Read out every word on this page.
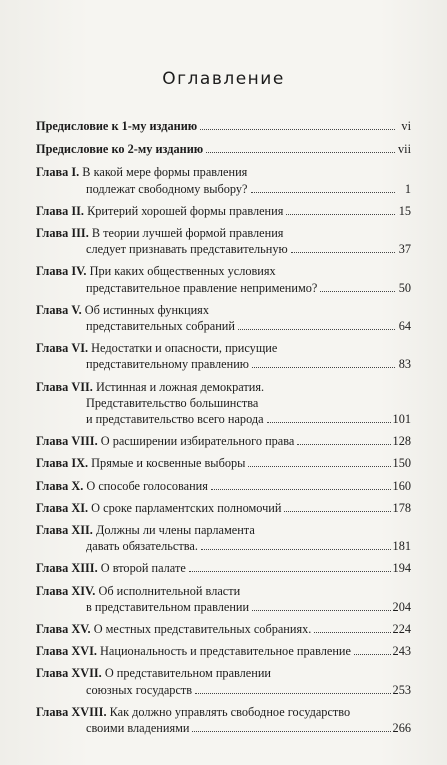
Оглавление
Предисловие к 1-му изданию	vi
Предисловие ко 2-му изданию	vii
Глава I. В какой мере формы правления
подлежат свободному выбору?	1
Глава II. Критерий хорошей формы правления	15
Глава III. В теории лучшей формой правления
следует признавать представительную	37
Глава IV. При каких общественных условиях
представительное правление неприменимо?	50
Глава V. Об истинных функциях
представительных собраний	64
Глава VI. Недостатки и опасности, присущие
представительному правлению	83
Глава VII. Истинная и ложная демократия.
Представительство большинства
и представительство всего народа	101
Глава VIII. О расширении избирательного права	128
Глава IX. Прямые и косвенные выборы	150
Глава X. О способе голосования	160
Глава XI. О сроке парламентских полномочий	178
Глава XII. Должны ли члены парламента
давать обязательства.	181
Глава XIII. О второй палате	194
Глава XIV. Об исполнительной власти
в представительном правлении	204
Глава XV. О местных представительных собраниях.	224
Глава XVI. Национальность и представительное правление	243
Глава XVII. О представительном правлении
союзных государств	253
Глава XVIII. Как должно управлять свободное государство
своими владениями	266
